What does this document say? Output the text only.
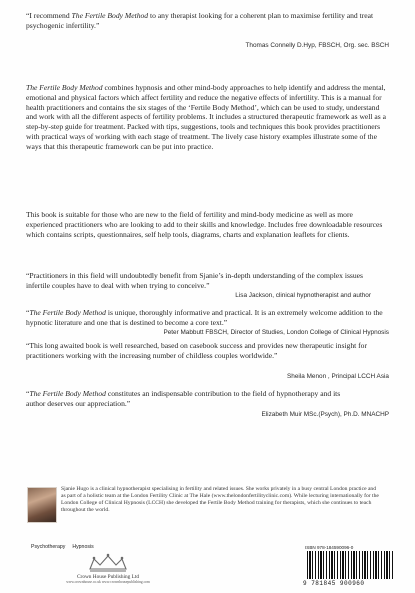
“I recommend The Fertile Body Method to any therapist looking for a coherent plan to maximise fertility and treat psychogenic infertility.”
Thomas Connelly D.Hyp, FBSCH, Org. sec. BSCH
The Fertile Body Method combines hypnosis and other mind-body approaches to help identify and address the mental, emotional and physical factors which affect fertility and reduce the negative effects of infertility. This is a manual for health practitioners and contains the six stages of the ‘Fertile Body Method’, which can be used to study, understand and work with all the different aspects of fertility problems. It includes a structured therapeutic framework as well as a step-by-step guide for treatment. Packed with tips, suggestions, tools and techniques this book provides practitioners with practical ways of working with each stage of treatment. The lively case history examples illustrate some of the ways that this therapeutic framework can be put into practice.
This book is suitable for those who are new to the field of fertility and mind-body medicine as well as more experienced practitioners who are looking to add to their skills and knowledge. Includes free downloadable resources which contains scripts, questionnaires, self help tools, diagrams, charts and explanation leaflets for clients.
“Practitioners in this field will undoubtedly benefit from Sjanie’s in-depth understanding of the complex issues infertile couples have to deal with when trying to conceive.”
Lisa Jackson, clinical hypnotherapist and author
“The Fertile Body Method is unique, thoroughly informative and practical. It is an extremely welcome addition to the hypnotic literature and one that is destined to become a core text.”
Peter Mabbutt FBSCH, Director of Studies, London College of Clinical Hypnosis
“This long awaited book is well researched, based on casebook success and provides new therapeutic insight for practitioners working with the increasing number of childless couples worldwide.”
Sheila Menon , Principal LCCH Asia
“The Fertile Body Method constitutes an indispensable contribution to the field of hypnotherapy and its author deserves our appreciation.”
Elizabeth Muir MSc.(Psych), Ph.D. MNACHP
Sjanie Hugo is a clinical hypnotherapist specialising in fertility and related issues. She works privately in a busy central London practice and as part of a holistic team at the London Fertility Clinic at The Hale (www.thelondonfertilityclinic.com). While lecturing internationally for the London College of Clinical Hypnosis (LCCH) she developed the Fertile Body Method training for therapists, which she continues to teach throughout the world.
Psychotherapy Hypnosis
Crown House Publishing Ltd
www.crownhouse.co.uk www.crownhousepublishing.com
ISBN 978-184590096-0
9 781845 900960
